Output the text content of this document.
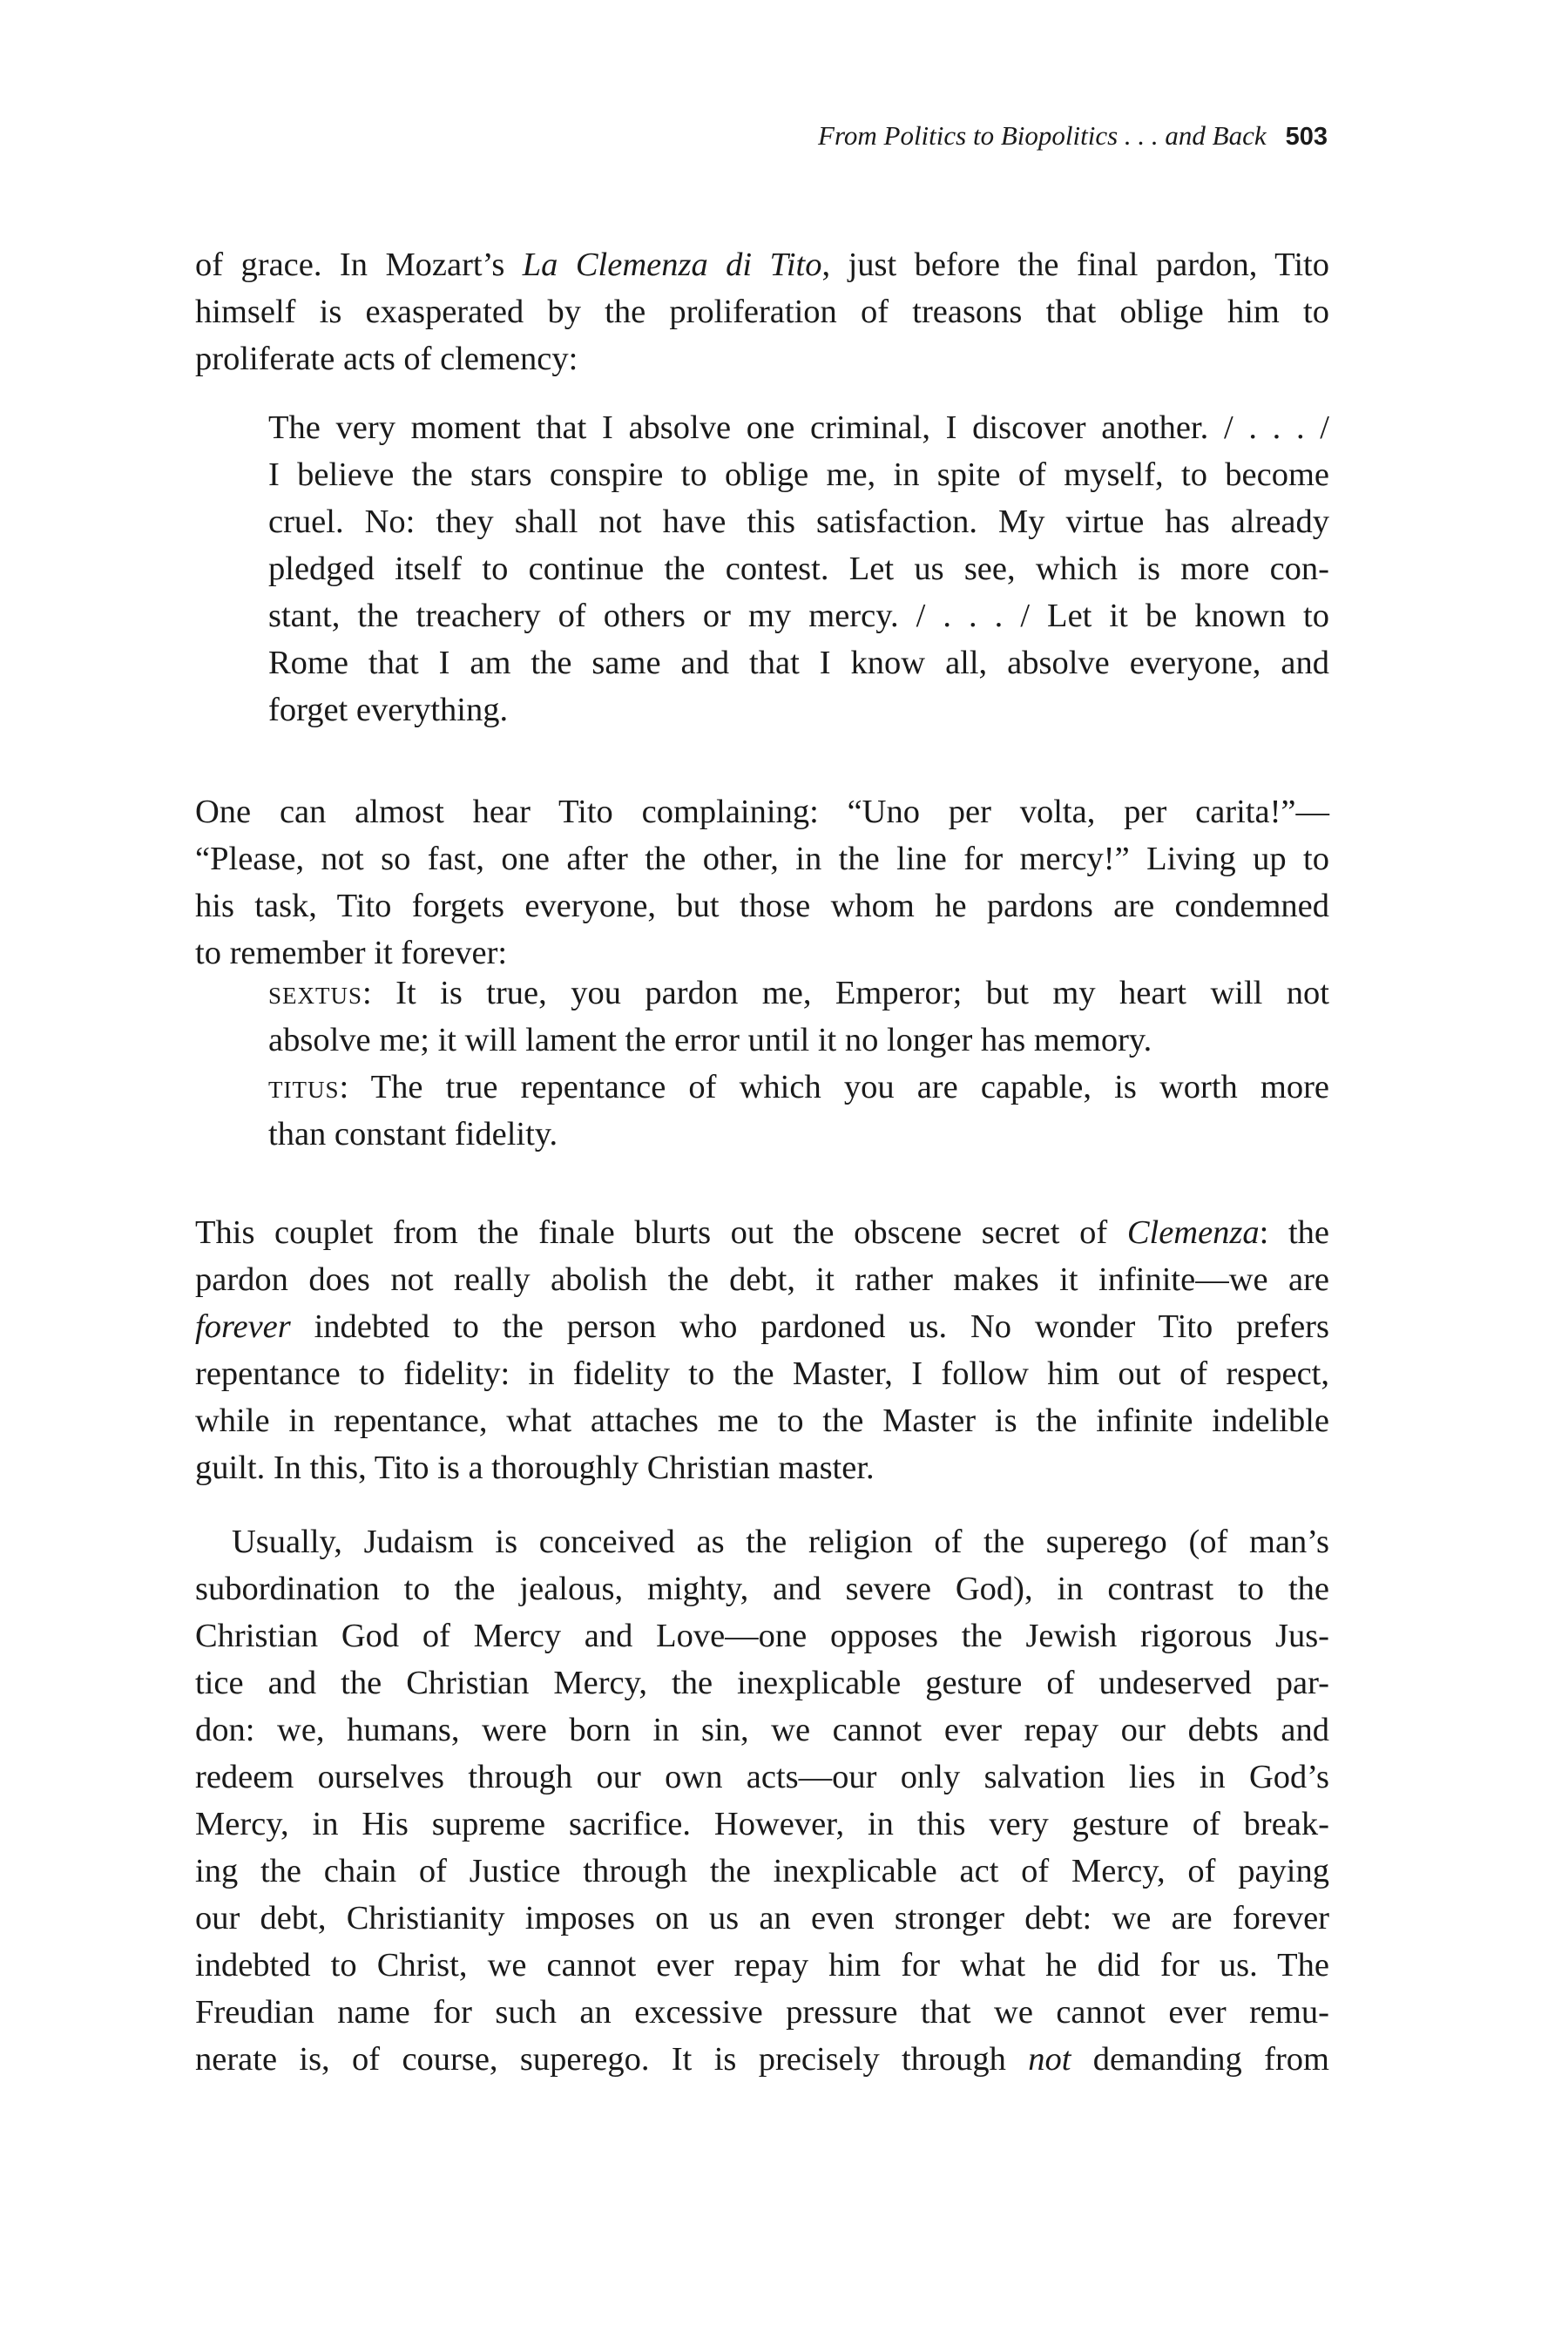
From Politics to Biopolitics . . . and Back 503
of grace. In Mozart’s La Clemenza di Tito, just before the final pardon, Tito
himself is exasperated by the proliferation of treasons that oblige him to
proliferate acts of clemency:
The very moment that I absolve one criminal, I discover another. / . . . /
I believe the stars conspire to oblige me, in spite of myself, to become
cruel. No: they shall not have this satisfaction. My virtue has already
pledged itself to continue the contest. Let us see, which is more con-
stant, the treachery of others or my mercy. / . . . / Let it be known to
Rome that I am the same and that I know all, absolve everyone, and
forget everything.
One can almost hear Tito complaining: “Uno per volta, per carita!”—
“Please, not so fast, one after the other, in the line for mercy!” Living up to
his task, Tito forgets everyone, but those whom he pardons are condemned
to remember it forever:
sextus: It is true, you pardon me, Emperor; but my heart will not
absolve me; it will lament the error until it no longer has memory.
titus: The true repentance of which you are capable, is worth more
than constant fidelity.
This couplet from the finale blurts out the obscene secret of Clemenza: the
pardon does not really abolish the debt, it rather makes it infinite—we are
forever indebted to the person who pardoned us. No wonder Tito prefers
repentance to fidelity: in fidelity to the Master, I follow him out of respect,
while in repentance, what attaches me to the Master is the infinite indelible
guilt. In this, Tito is a thoroughly Christian master.
Usually, Judaism is conceived as the religion of the superego (of man’s
subordination to the jealous, mighty, and severe God), in contrast to the
Christian God of Mercy and Love—one opposes the Jewish rigorous Jus-
tice and the Christian Mercy, the inexplicable gesture of undeserved par-
don: we, humans, were born in sin, we cannot ever repay our debts and
redeem ourselves through our own acts—our only salvation lies in God’s
Mercy, in His supreme sacrifice. However, in this very gesture of break-
ing the chain of Justice through the inexplicable act of Mercy, of paying
our debt, Christianity imposes on us an even stronger debt: we are forever
indebted to Christ, we cannot ever repay him for what he did for us. The
Freudian name for such an excessive pressure that we cannot ever remu-
nerate is, of course, superego. It is precisely through not demanding from
